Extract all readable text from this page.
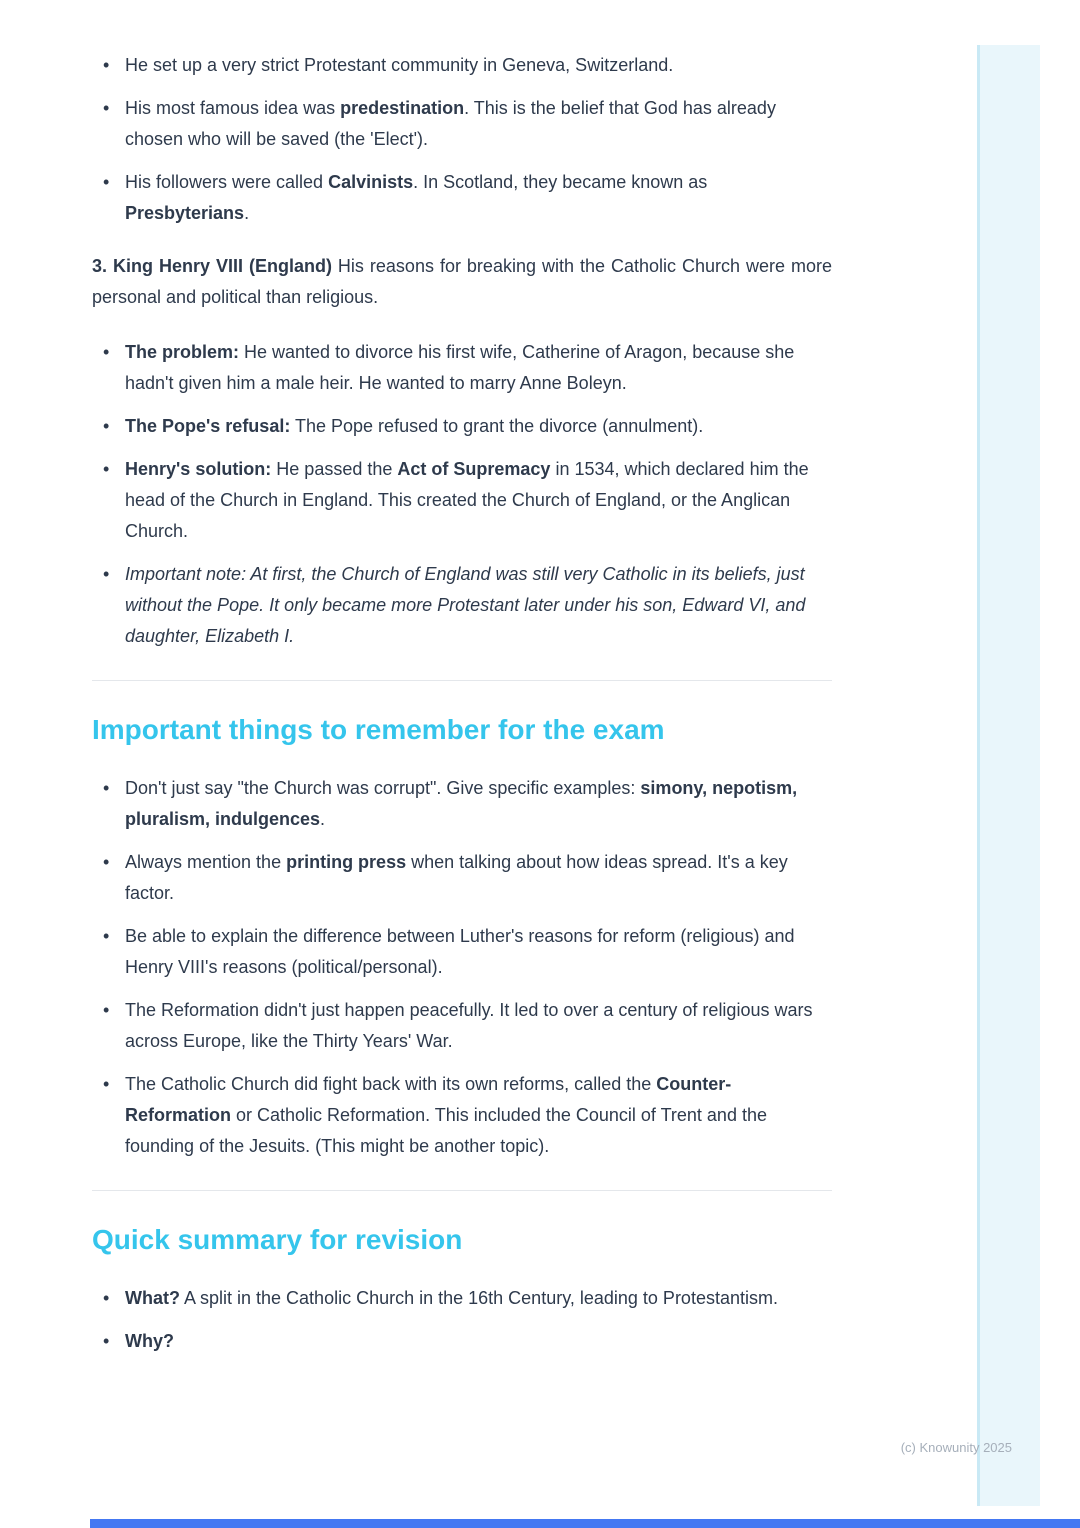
• He set up a very strict Protestant community in Geneva, Switzerland.
• His most famous idea was predestination. This is the belief that God has already chosen who will be saved (the 'Elect').
• His followers were called Calvinists. In Scotland, they became known as Presbyterians.

3. King Henry VIII (England) His reasons for breaking with the Catholic Church were more personal and political than religious.

• The problem: He wanted to divorce his first wife, Catherine of Aragon, because she hadn't given him a male heir. He wanted to marry Anne Boleyn.
• The Pope's refusal: The Pope refused to grant the divorce (annulment).
• Henry's solution: He passed the Act of Supremacy in 1534, which declared him the head of the Church in England. This created the Church of England, or the Anglican Church.
• Important note: At first, the Church of England was still very Catholic in its beliefs, just without the Pope. It only became more Protestant later under his son, Edward VI, and daughter, Elizabeth I.
Important things to remember for the exam
• Don't just say "the Church was corrupt". Give specific examples: simony, nepotism, pluralism, indulgences.
• Always mention the printing press when talking about how ideas spread. It's a key factor.
• Be able to explain the difference between Luther's reasons for reform (religious) and Henry VIII's reasons (political/personal).
• The Reformation didn't just happen peacefully. It led to over a century of religious wars across Europe, like the Thirty Years' War.
• The Catholic Church did fight back with its own reforms, called the Counter-Reformation or Catholic Reformation. This included the Council of Trent and the founding of the Jesuits. (This might be another topic).
Quick summary for revision
• What? A split in the Catholic Church in the 16th Century, leading to Protestantism.
• Why?
(c) Knowunity 2025
